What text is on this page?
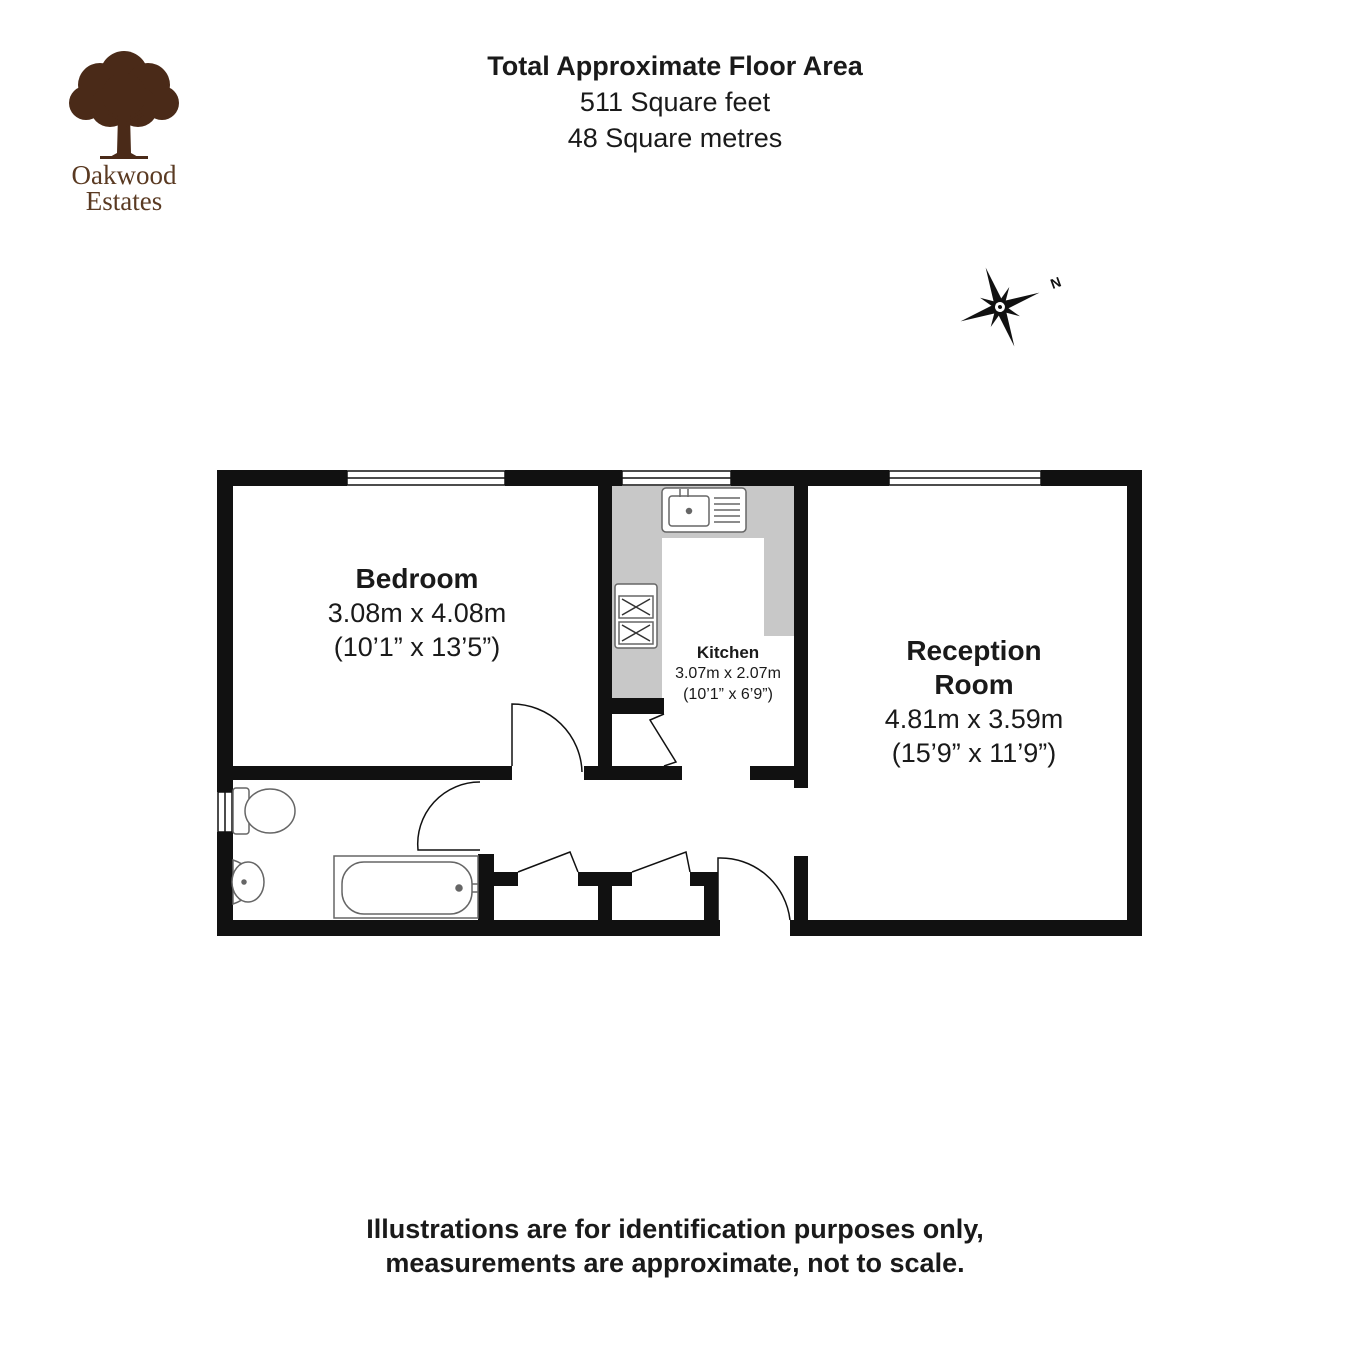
Total Approximate Floor Area
511 Square feet
48 Square metres
Oakwood
Estates
N
Bedroom
3.08m x 4.08m
(10’1” x 13’5”)	Kitchen
3.07m x 2.07m
(10’1” x 6’9”)
Reception
Room
4.81m x 3.59m
(15’9” x 11’9”)
Illustrations are for identification purposes only,
measurements are approximate, not to scale.
